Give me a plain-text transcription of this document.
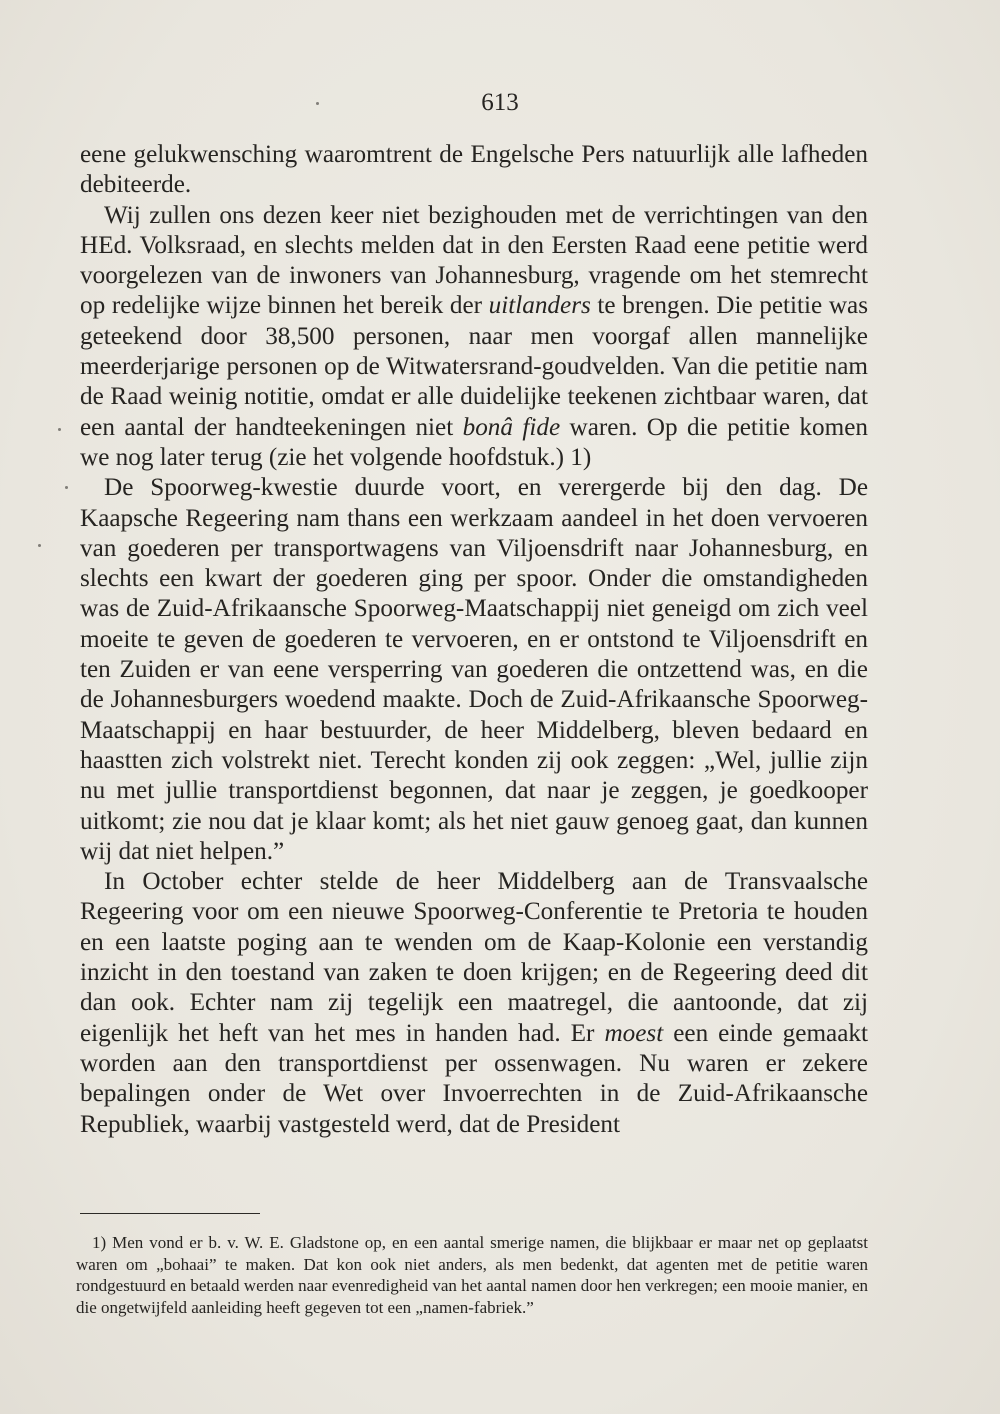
613

eene gelukwensching waaromtrent de Engelsche Pers natuurlijk alle lafheden debiteerde.

Wij zullen ons dezen keer niet bezighouden met de verrichtingen van den HEd. Volksraad, en slechts melden dat in den Eersten Raad eene petitie werd voorgelezen van de inwoners van Johannesburg, vragende om het stemrecht op redelijke wijze binnen het bereik der uitlanders te brengen. Die petitie was geteekend door 38,500 personen, naar men voorgaf allen mannelijke meerderjarige personen op de Witwatersrand-goudvelden. Van die petitie nam de Raad weinig notitie, omdat er alle duidelijke teekenen zichtbaar waren, dat een aantal der handteekeningen niet bonâ fide waren. Op die petitie komen we nog later terug (zie het volgende hoofdstuk.) 1)

De Spoorweg-kwestie duurde voort, en verergerde bij den dag. De Kaapsche Regeering nam thans een werkzaam aandeel in het doen vervoeren van goederen per transportwagens van Viljoensdrift naar Johannesburg, en slechts een kwart der goederen ging per spoor. Onder die omstandigheden was de Zuid-Afrikaansche Spoorweg-Maatschappij niet geneigd om zich veel moeite te geven de goederen te vervoeren, en er ontstond te Viljoensdrift en ten Zuiden er van eene versperring van goederen die ontzettend was, en die de Johannesburgers woedend maakte. Doch de Zuid-Afrikaansche Spoorweg-Maatschappij en haar bestuurder, de heer Middelberg, bleven bedaard en haastten zich volstrekt niet. Terecht konden zij ook zeggen: „Wel, jullie zijn nu met jullie transportdienst begonnen, dat naar je zeggen, je goedkooper uitkomt; zie nou dat je klaar komt; als het niet gauw genoeg gaat, dan kunnen wij dat niet helpen.”

In October echter stelde de heer Middelberg aan de Transvaalsche Regeering voor om een nieuwe Spoorweg-Conferentie te Pretoria te houden en een laatste poging aan te wenden om de Kaap-Kolonie een verstandig inzicht in den toestand van zaken te doen krijgen; en de Regeering deed dit dan ook. Echter nam zij tegelijk een maatregel, die aantoonde, dat zij eigenlijk het heft van het mes in handen had. Er moest een einde gemaakt worden aan den transportdienst per ossenwagen. Nu waren er zekere bepalingen onder de Wet over Invoerrechten in de Zuid-Afrikaansche Republiek, waarbij vastgesteld werd, dat de President

1) Men vond er b. v. W. E. Gladstone op, en een aantal smerige namen, die blijkbaar er maar net op geplaatst waren om „bohaai” te maken. Dat kon ook niet anders, als men bedenkt, dat agenten met de petitie waren rondgestuurd en betaald werden naar evenredigheid van het aantal namen door hen verkregen; een mooie manier, en die ongetwijfeld aanleiding heeft gegeven tot een „namen-fabriek.”
